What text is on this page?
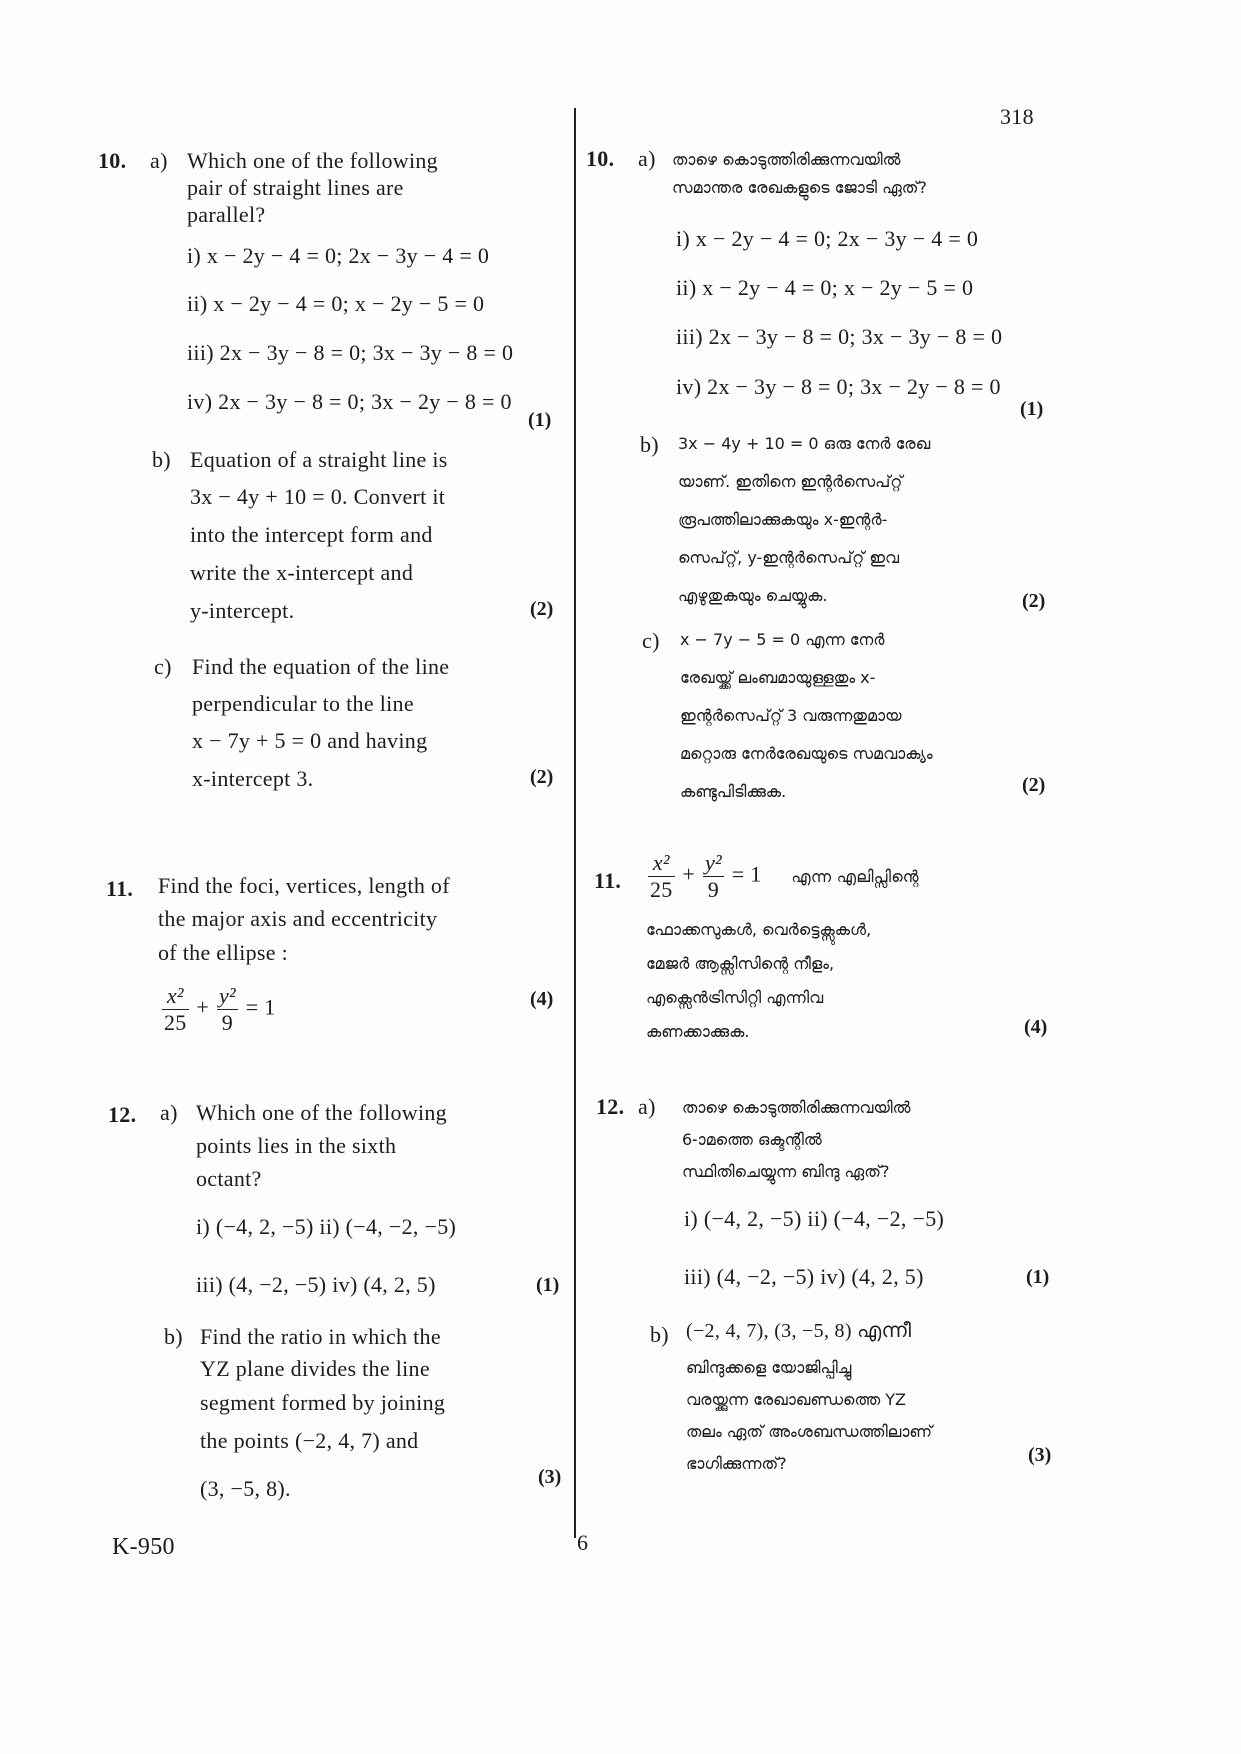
318
K-950	6
10. a) Which one of the following
pair of straight lines are
parallel?
i) x − 2y − 4 = 0; 2x − 3y − 4 = 0
ii) x − 2y − 4 = 0; x − 2y − 5 = 0
iii) 2x − 3y − 8 = 0; 3x − 3y − 8 = 0
iv) 2x − 3y − 8 = 0; 3x − 2y − 8 = 0
(1)
b) Equation of a straight line is
3x − 4y + 10 = 0. Convert it
into the intercept form and
write the x-intercept and
y-intercept.	(2)
c) Find the equation of the line
perpendicular to the line
x − 7y + 5 = 0 and having
x-intercept 3.	(2)
11. Find the foci, vertices, length of
the major axis and eccentricity
of the ellipse :
$\frac{\text{x²}}{25} + \frac{\text{y²}}{9} = 1$	(4)
12. a) Which one of the following
points lies in the sixth
octant?
i) (−4, 2, −5) ii) (−4, −2, −5)
iii) (4, −2, −5) iv) (4, 2, 5)	(1)
b) Find the ratio in which the
YZ plane divides the line
segment formed by joining
the points (−2, 4, 7) and
(3, −5, 8).	(3)
10. a) താഴെ കൊടുത്തിരിക്കുന്നവയിൽ
സമാന്തര രേഖകളുടെ ജോടി ഏത്?
i) x − 2y − 4 = 0; 2x − 3y − 4 = 0
ii) x − 2y − 4 = 0; x − 2y − 5 = 0
iii) 2x − 3y − 8 = 0; 3x − 3y − 8 = 0
iv) 2x − 3y − 8 = 0; 3x − 2y − 8 = 0
(1)
b) 3x − 4y + 10 = 0 ഒരു നേർ രേഖ
യാണ്. ഇതിനെ ഇന്റർസെപ്റ്റ്
രൂപത്തിലാക്കുകയും x-ഇന്റർ-
സെപ്റ്റ്, y-ഇന്റർസെപ്റ്റ് ഇവ
എഴുതുകയും ചെയ്യുക.	(2)
c) x − 7y − 5 = 0 എന്ന നേർ
രേഖയ്ക്ക് ലംബമായുള്ളതും x-
ഇന്റർസെപ്റ്റ് 3 വരുന്നതുമായ
മറ്റൊരു നേർരേഖയുടെ സമവാക്യം
കണ്ടുപിടിക്കുക.	(2)
11. $\frac{\text{x²}}{25} + \frac{\text{y²}}{9} = 1$ എന്ന എലിപ്സിന്റെ
ഫോക്കസുകൾ, വെർട്ടെക്സുകൾ,
മേജർ ആക്സിസിന്റെ നീളം,
എക്സെൻട്രിസിറ്റി എന്നിവ
കണക്കാക്കുക.	(4)
12. a) താഴെ കൊടുത്തിരിക്കുന്നവയിൽ
6-ാമത്തെ ഒക്ടന്റിൽ
സ്ഥിതിചെയ്യുന്ന ബിന്ദു ഏത്?
i) (−4, 2, −5) ii) (−4, −2, −5)
iii) (4, −2, −5) iv) (4, 2, 5)	(1)
b) (−2, 4, 7), (3, −5, 8) എന്നീ
ബിന്ദുക്കളെ യോജിപ്പിച്ചു
വരയ്ക്കുന്ന രേഖാഖണ്ഡത്തെ YZ
തലം ഏത് അംശബന്ധത്തിലാണ്
ഭാഗിക്കുന്നത്?	(3)
